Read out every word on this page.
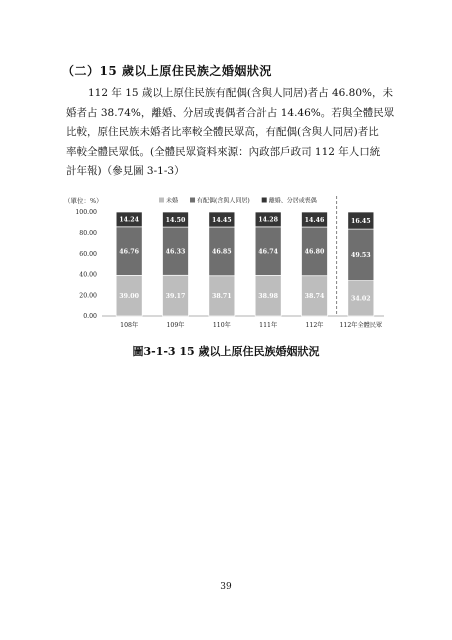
（二）15 歲以上原住民族之婚姻狀況
112 年 15 歲以上原住民族有配偶(含與人同居)者占 46.80%，未
婚者占 38.74%，離婚、分居或喪偶者合計占 14.46%。若與全體民眾
比較，原住民族未婚者比率較全體民眾高，有配偶(含與人同居)者比
率較全體民眾低。(全體民眾資料來源：內政部戶政司 112 年人口統
計年報)（參見圖 3-1-3）
（單位：%）	未婚	有配偶(含與人同居)	離婚、分居或喪偶
0.00
20.00
40.00
60.00
80.00
100.00
39.00
46.76
14.24
108年
39.17
46.33
14.50
109年
38.71
46.85
14.45
110年
38.98
46.74
14.28
111年
38.74
46.80
14.46
112年
34.02
49.53
16.45
112年全體民眾
圖3-1-3 15 歲以上原住民族婚姻狀況
39
